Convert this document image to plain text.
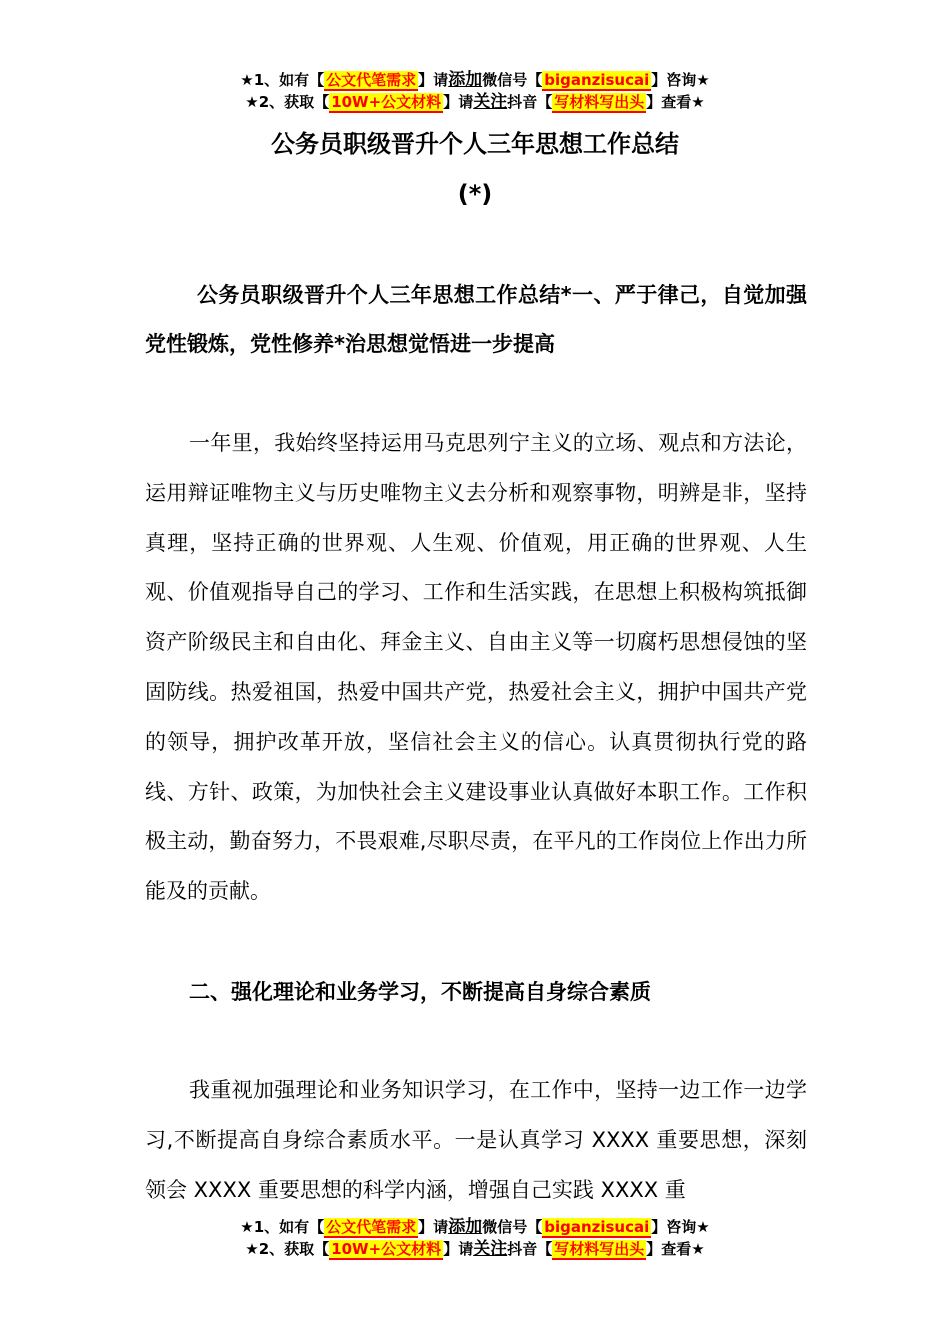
★1、如有【 公文代笔需求 】请添加微信号【 biganzisucai 】咨询★
★2、获取【 10W+公文材料 】请关注抖音【 写材料写出头 】查看★
公务员职级晋升个人三年思想工作总结
(*)

公务员职级晋升个人三年思想工作总结*一、严于律己，自觉加强党性锻炼，党性修养*治思想觉悟进一步提高

一年里，我始终坚持运用马克思列宁主义的立场、观点和方法论，运用辩证唯物主义与历史唯物主义去分析和观察事物，明辨是非，坚持真理，坚持正确的世界观、人生观、价值观，用正确的世界观、人生观、价值观指导自己的学习、工作和生活实践，在思想上积极构筑抵御资产阶级民主和自由化、拜金主义、自由主义等一切腐朽思想侵蚀的坚固防线。热爱祖国，热爱中国共产党，热爱社会主义，拥护中国共产党的领导，拥护改革开放，坚信社会主义的信心。认真贯彻执行党的路线、方针、政策，为加快社会主义建设事业认真做好本职工作。工作积极主动，勤奋努力，不畏艰难,尽职尽责，在平凡的工作岗位上作出力所能及的贡献。

二、强化理论和业务学习，不断提高自身综合素质

我重视加强理论和业务知识学习，在工作中，坚持一边工作一边学习,不断提高自身综合素质水平。一是认真学习 XXXX 重要思想，深刻领会 XXXX 重要思想的科学内涵，增强自己实践 XXXX 重

★1、如有【 公文代笔需求 】请添加微信号【 biganzisucai 】咨询★
★2、获取【 10W+公文材料 】请关注抖音【 写材料写出头 】查看★
